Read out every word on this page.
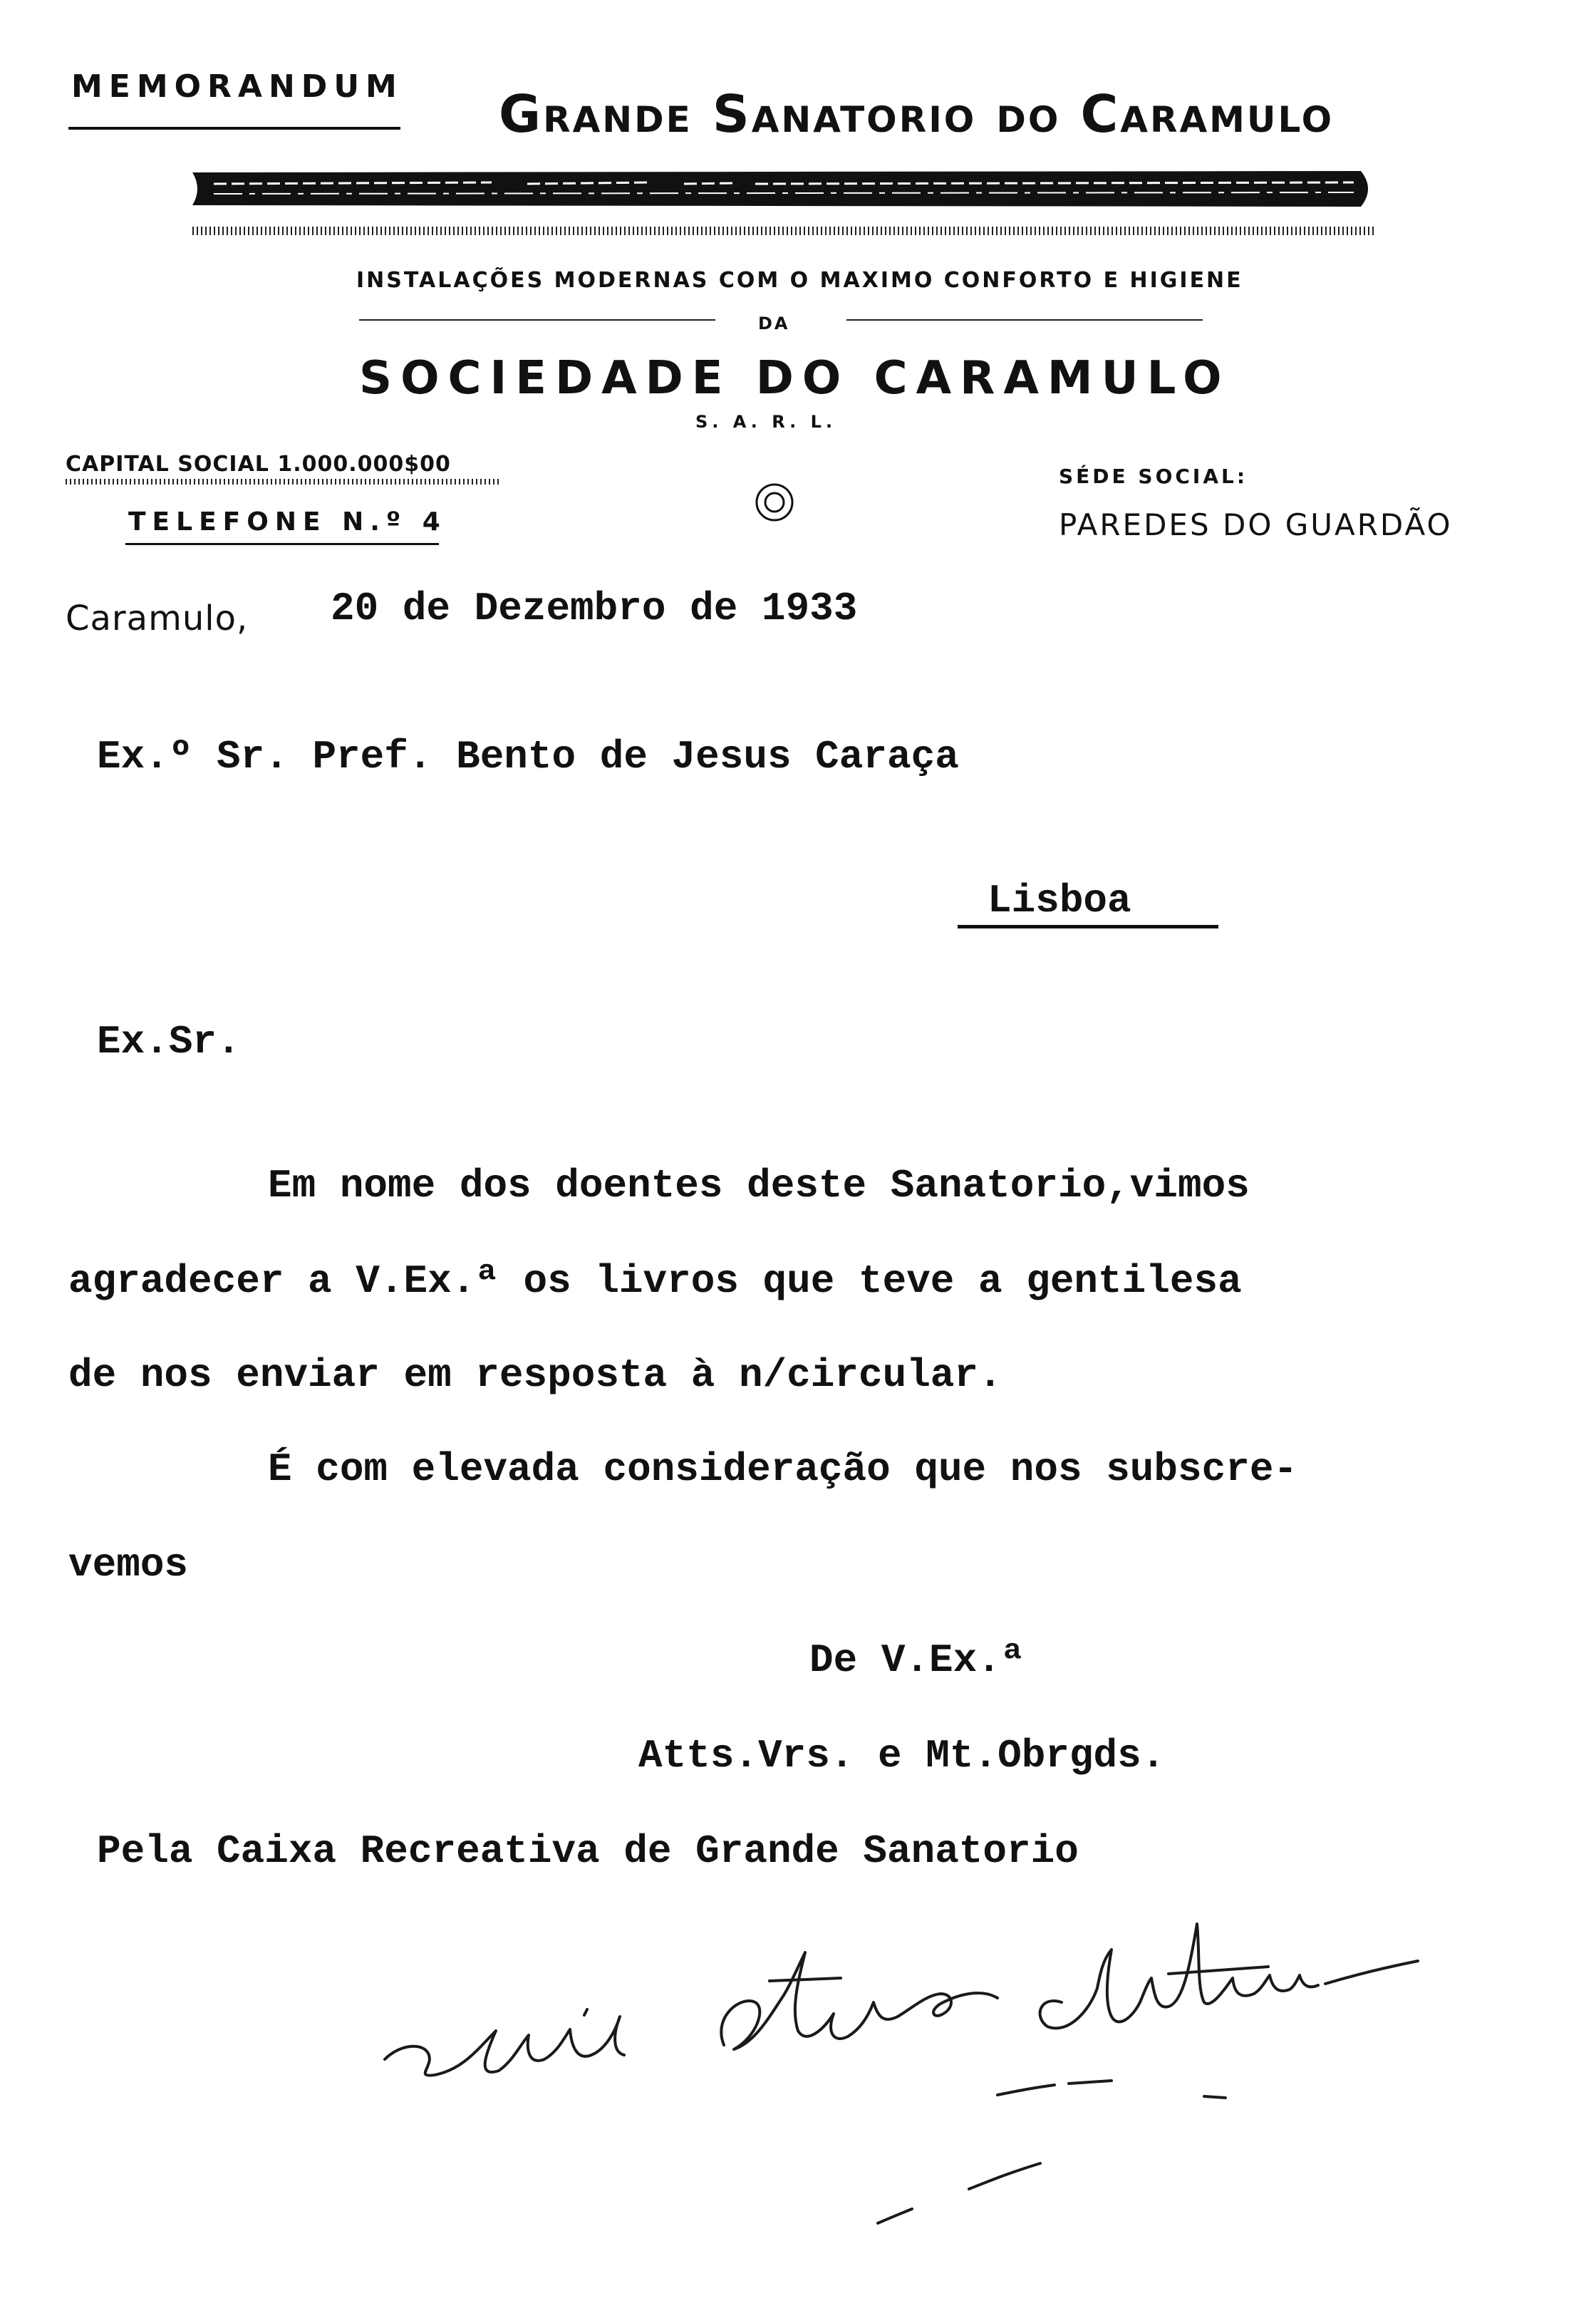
MEMORANDUM Grande Sanatorio do Caramulo
INSTALAÇÕES MODERNAS COM O MAXIMO CONFORTO E HIGIENE
DA
SOCIEDADE DO CARAMULO
S. A. R. L.
CAPITAL SOCIAL 1.000.000$00
TELEFONE N.º 4
SÉDE SOCIAL:
PAREDES DO GUARDÃO
Caramulo, 20 de Dezembro de 1933
Ex.º Sr. Pref. Bento de Jesus Caraça
Lisboa
Ex.Sr.
Em nome dos doentes deste Sanatorio,vimos
agradecer a V.Ex.ª os livros que teve a gentilesa
de nos enviar em resposta à n/circular.
É com elevada consideração que nos subscre-
vemos
De V.Ex.ª
Atts.Vrs. e Mt.Obrgds.
Pela Caixa Recreativa de Grande Sanatorio
